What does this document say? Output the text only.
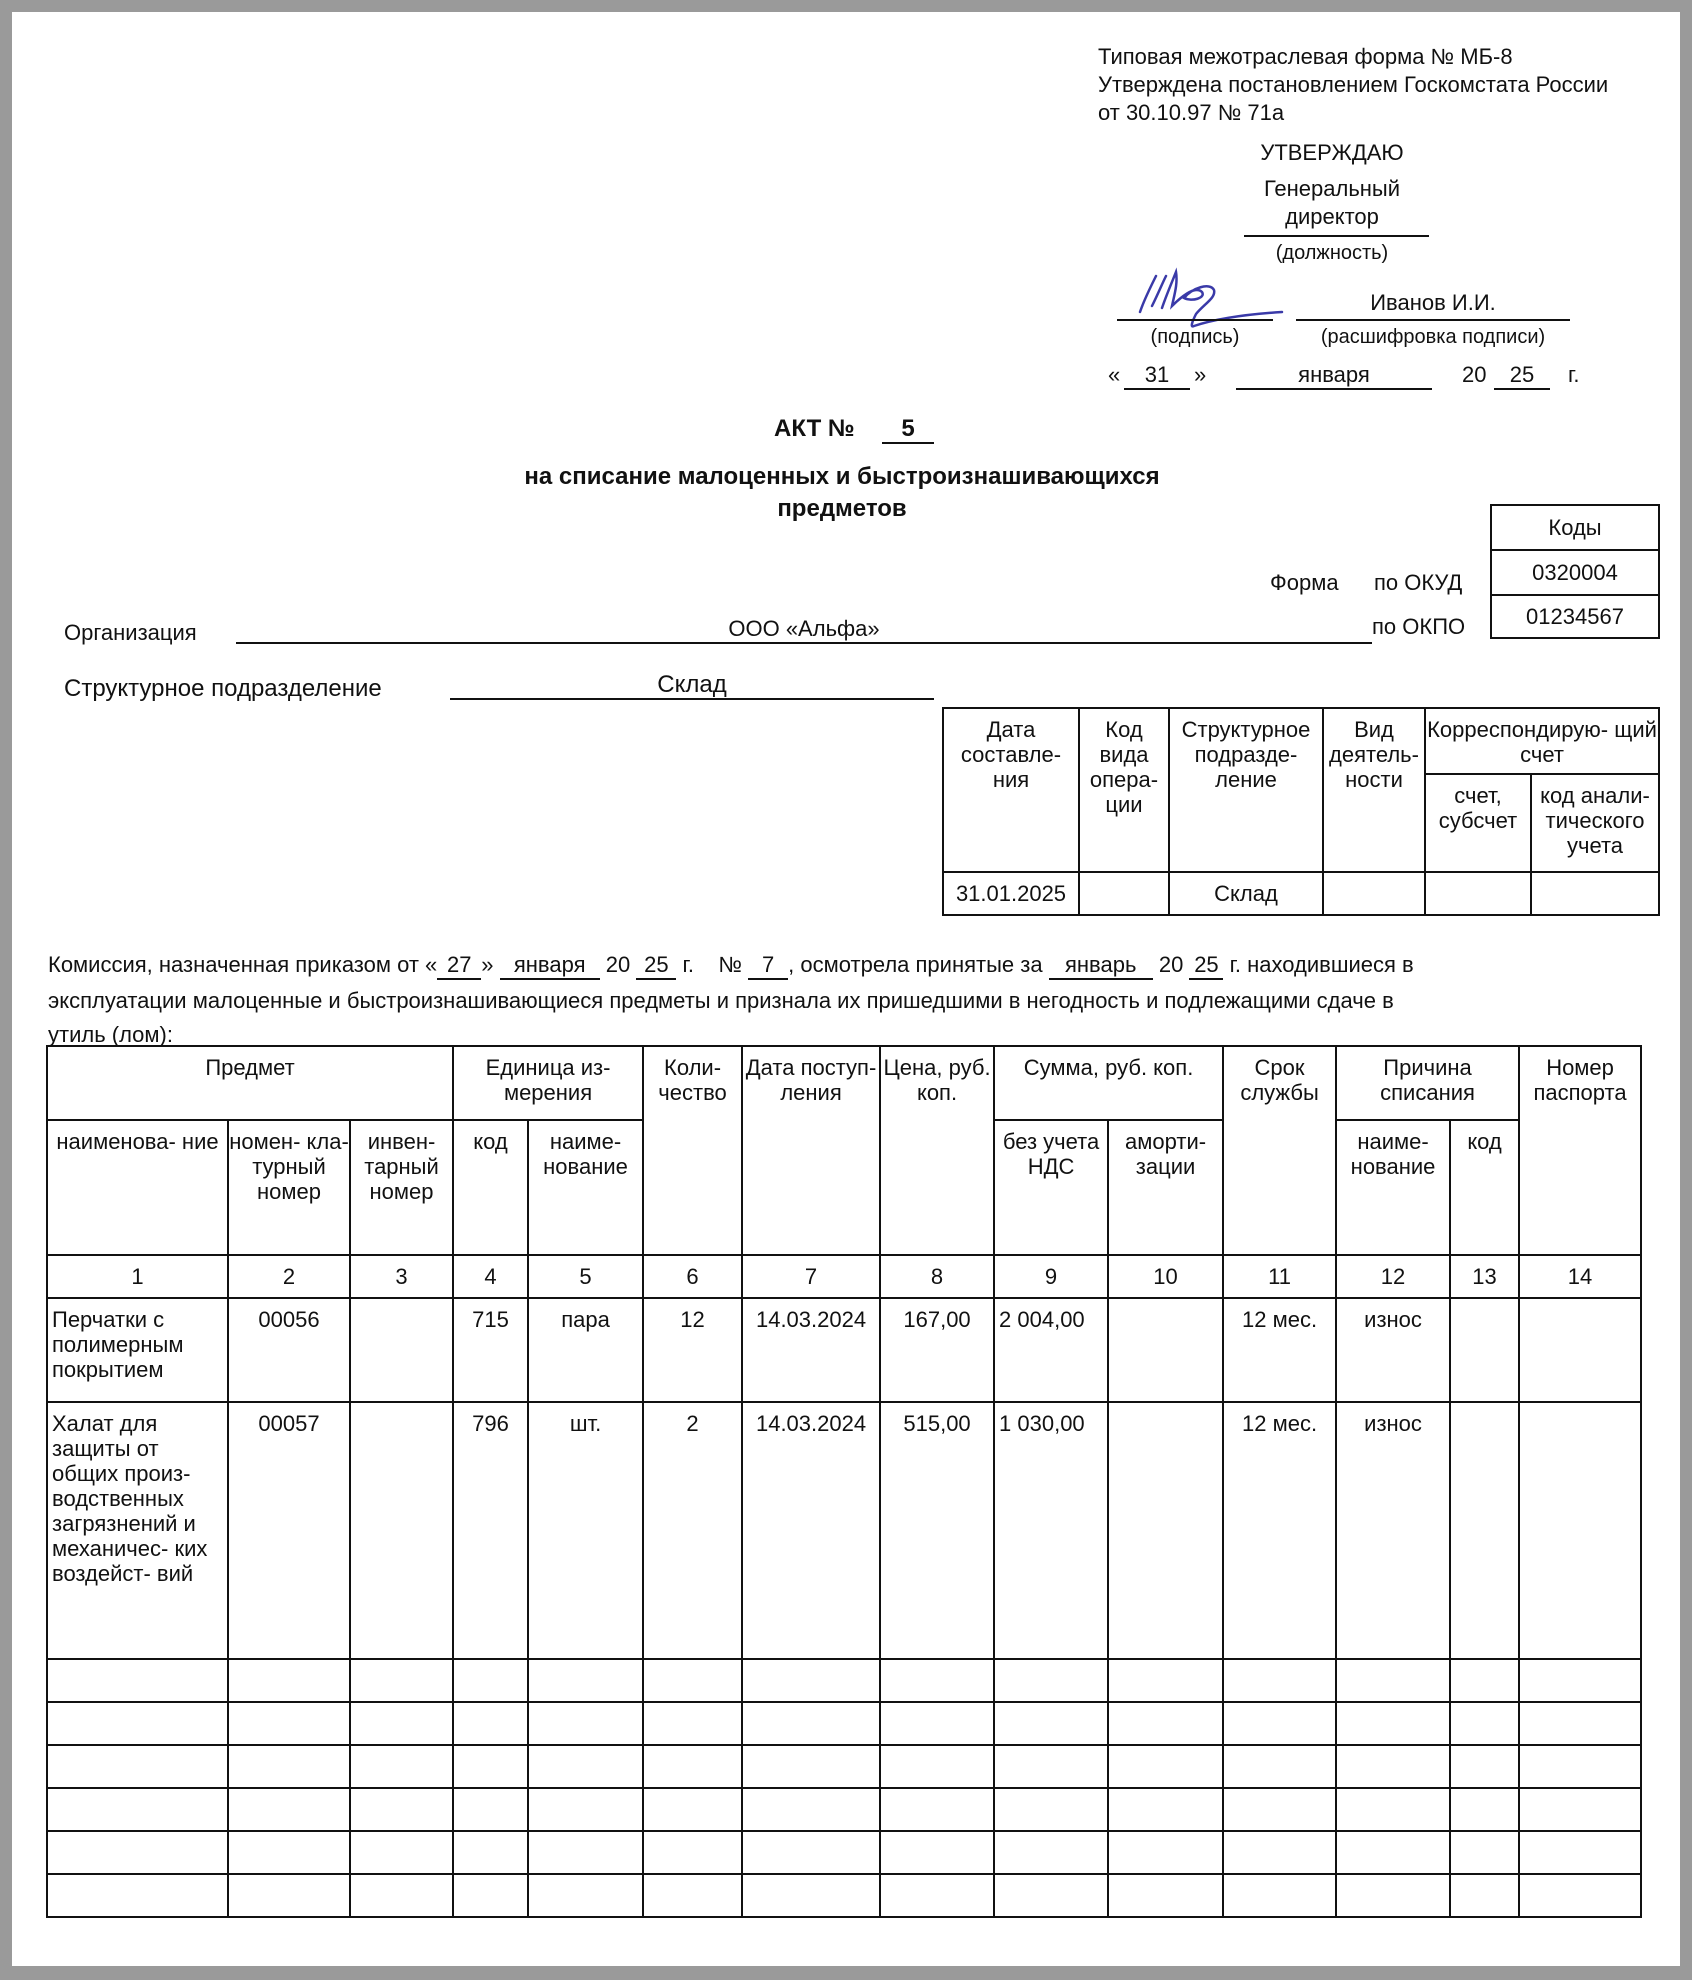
Типовая межотраслевая форма № МБ-8
Утверждена постановлением Госкомстата России
от 30.10.97 № 71а
УТВЕРЖДАЮ
Генеральный
директор
(должность)
Иванов И.И.
(подпись)	(расшифровка подписи)
«	31	»	января	20	25	г.
АКТ №	5
на списание малоценных и быстроизнашивающихся
предметов
Коды
0320004
01234567
Форма по ОКУД
по ОКПО
Организация	ООО «Альфа»
Структурное подразделение	Склад
Дата составле- ния	Код вида опера- ции	Структурное подразде- ление	Вид деятель- ности	Корреспондирую- щий счет	
				счет, субсчет	код анали- тического учета
31.01.2025		Склад			
Комиссия, назначенная приказом от « 27 » января 20 25 г.    № 7 , осмотрела принятые за январь 20 25 г. находившиеся в
эксплуатации малоценные и быстроизнашивающиеся предметы и признала их пришедшими в негодность и подлежащими сдаче в
утиль (лом):
Предмет			Единица из- мерения		Коли- чество	Дата поступ- ления	Цена, руб. коп.	Сумма, руб. коп.		Срок службы	Причина списания		Номер паспорта
наименова- ние	номен- кла- турный номер	инвен- тарный номер	код	наиме- нование				без учета НДС	аморти- зации		наиме- нование	код	
1	2	3	4	5	6	7	8	9	10	11	12	13	14
Перчатки с полимерным покрытием	00056		715	пара	12	14.03.2024	167,00	2 004,00		12 мес.	износ		
Халат для защиты от общих произ- водственных загрязнений и механичес- ких воздейст- вий	00057		796	шт.	2	14.03.2024	515,00	1 030,00		12 мес.	износ		
